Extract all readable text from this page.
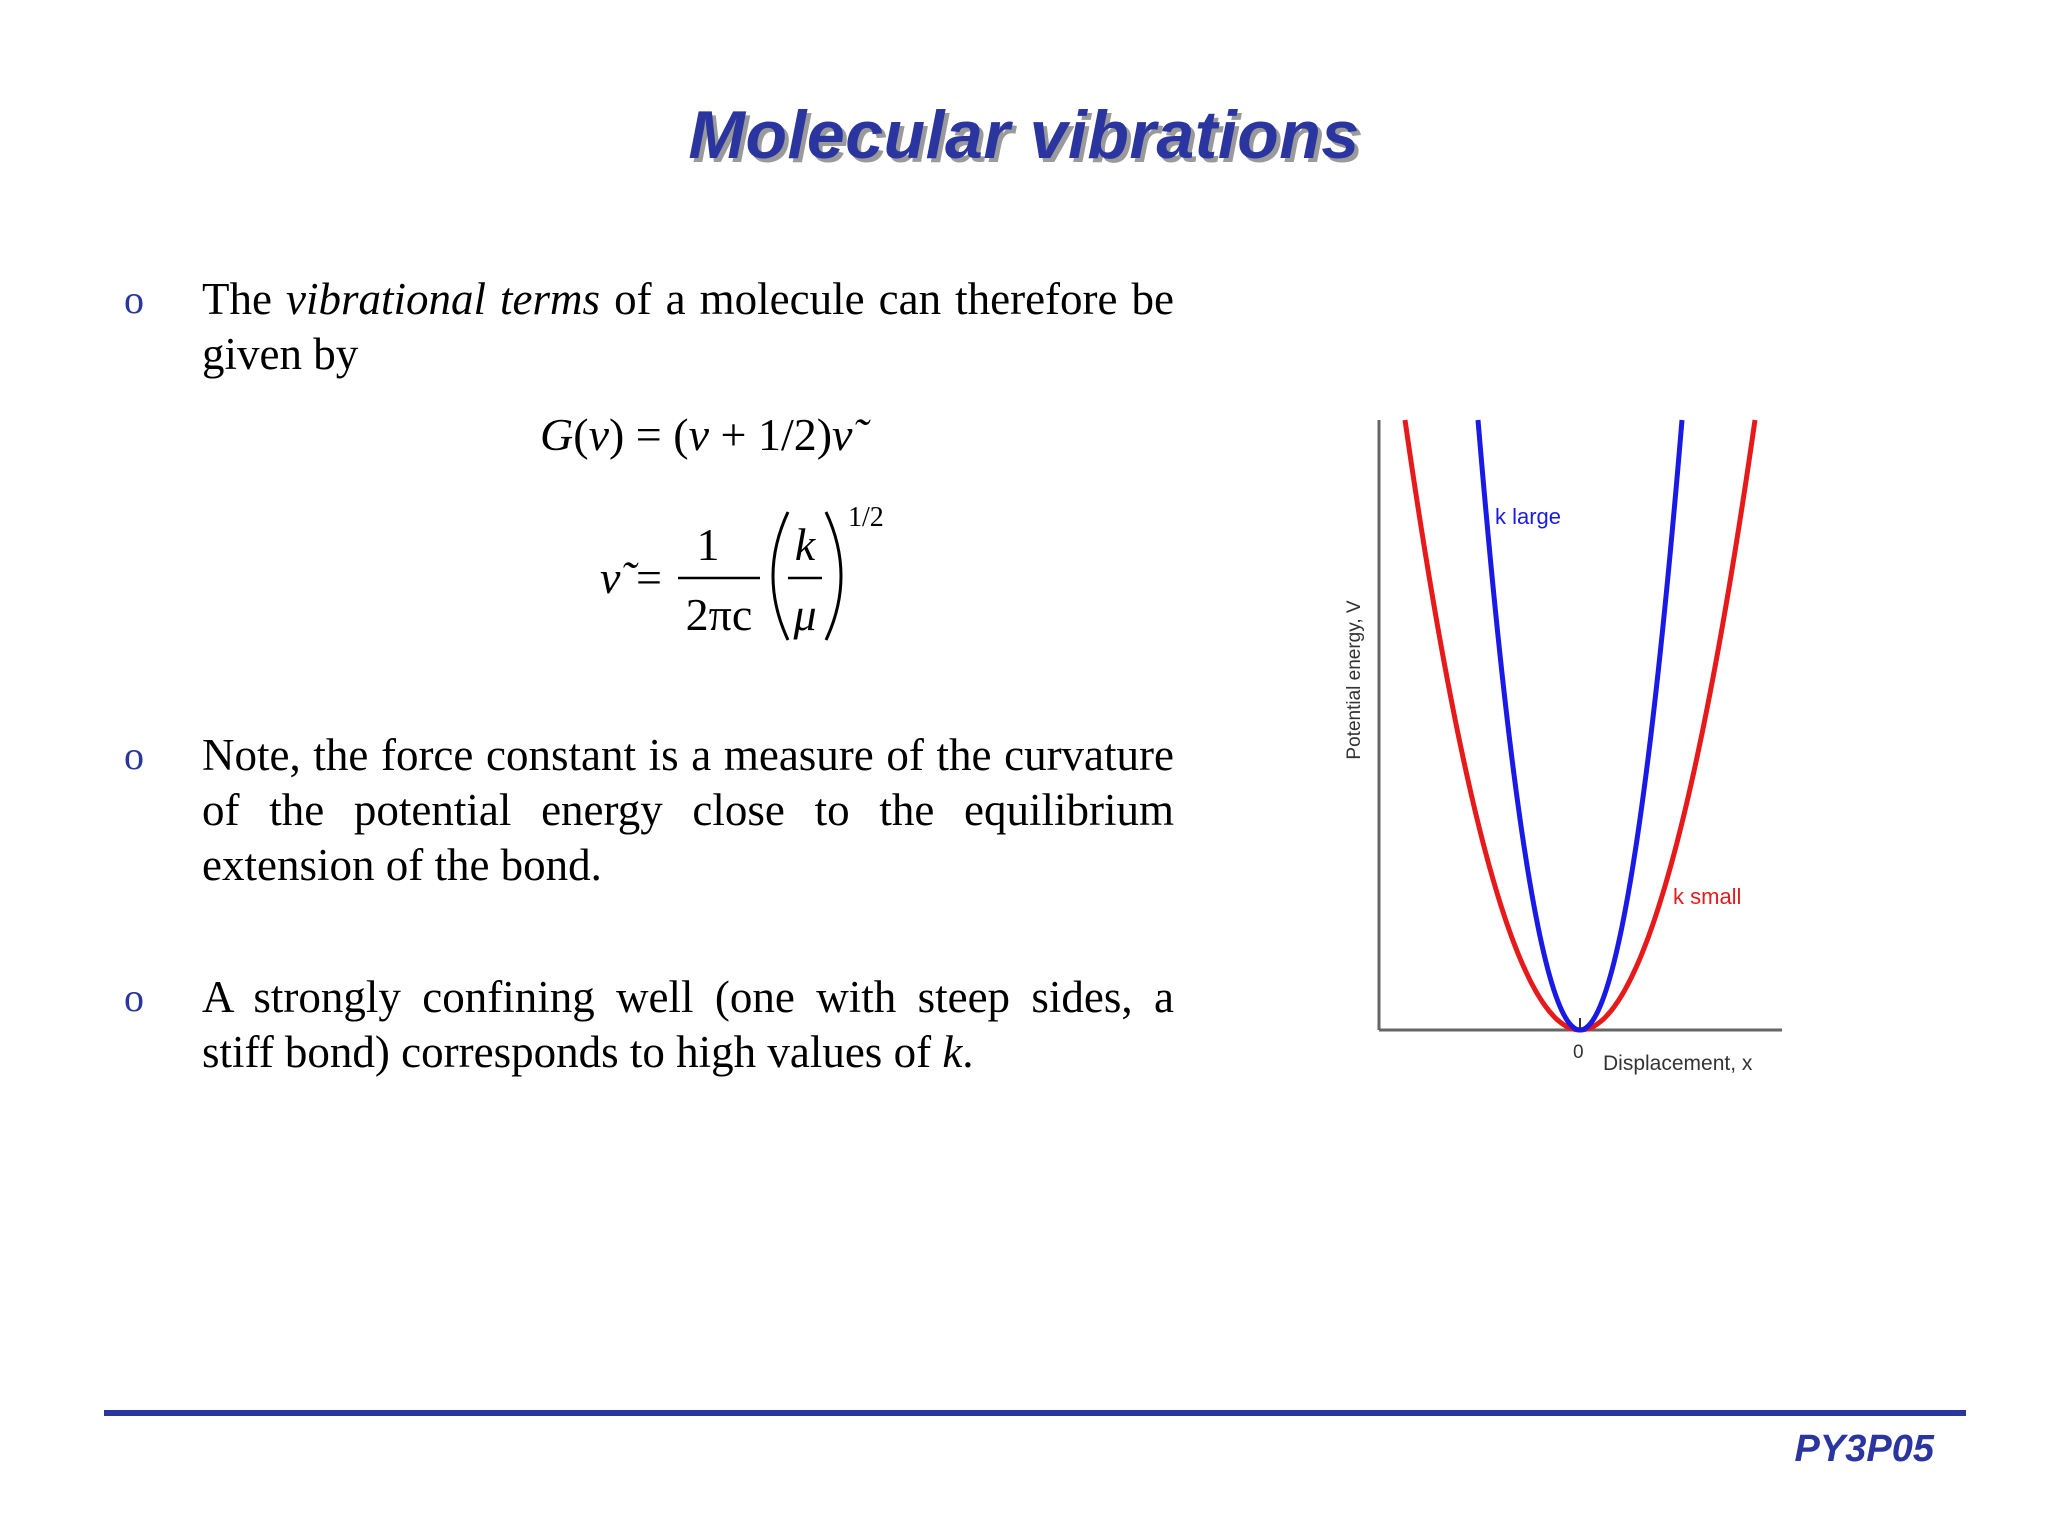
Molecular vibrations
o The vibrational terms of a molecule can therefore be given by
G(v) = (v + 1/2)ν̃
ν̃ =
1
2πc
k
μ
1/2
o Note, the force constant is a measure of the curvature of the potential energy close to the equilibrium extension of the bond.
o A strongly confining well (one with steep sides, a stiff bond) corresponds to high values of k.
Potential energy, V
Displacement, x
0
k large
k small
PY3P05
